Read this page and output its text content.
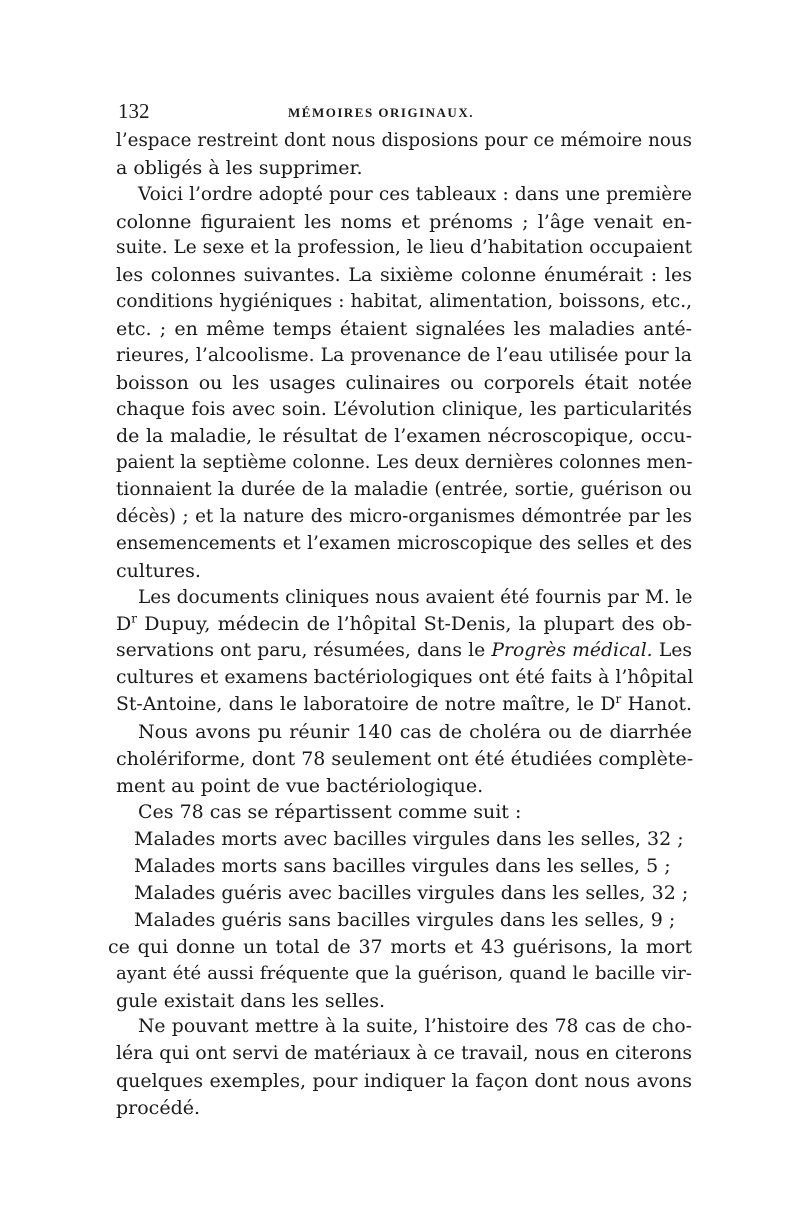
132	MÉMOIRES ORIGINAUX.
l’espace restreint dont nous disposions pour ce mémoire nous
a obligés à les supprimer.
Voici l’ordre adopté pour ces tableaux : dans une première
colonne figuraient les noms et prénoms ; l’âge venait en-
suite. Le sexe et la profession, le lieu d’habitation occupaient
les colonnes suivantes. La sixième colonne énumérait : les
conditions hygiéniques : habitat, alimentation, boissons, etc.,
etc. ; en même temps étaient signalées les maladies anté-
rieures, l’alcoolisme. La provenance de l’eau utilisée pour la
boisson ou les usages culinaires ou corporels était notée
chaque fois avec soin. L’évolution clinique, les particularités
de la maladie, le résultat de l’examen nécroscopique, occu-
paient la septième colonne. Les deux dernières colonnes men-
tionnaient la durée de la maladie (entrée, sortie, guérison ou
décès) ; et la nature des micro-organismes démontrée par les
ensemencements et l’examen microscopique des selles et des
cultures.
Les documents cliniques nous avaient été fournis par M. le
$D^r$ Dupuy, médecin de l’hôpital St-Denis, la plupart des ob-
servations ont paru, résumées, dans le Progrès médical. Les
cultures et examens bactériologiques ont été faits à l’hôpital
St-Antoine, dans le laboratoire de notre maître, le $D^r$ Hanot.
Nous avons pu réunir 140 cas de choléra ou de diarrhée
cholériforme, dont 78 seulement ont été étudiées complète-
ment au point de vue bactériologique.
Ces 78 cas se répartissent comme suit :
Malades morts avec bacilles virgules dans les selles, 32 ;
Malades morts sans bacilles virgules dans les selles, 5 ;
Malades guéris avec bacilles virgules dans les selles, 32 ;
Malades guéris sans bacilles virgules dans les selles, 9 ;
ce qui donne un total de 37 morts et 43 guérisons, la mort
ayant été aussi fréquente que la guérison, quand le bacille vir-
gule existait dans les selles.
Ne pouvant mettre à la suite, l’histoire des 78 cas de cho-
léra qui ont servi de matériaux à ce travail, nous en citerons
quelques exemples, pour indiquer la façon dont nous avons
procédé.
